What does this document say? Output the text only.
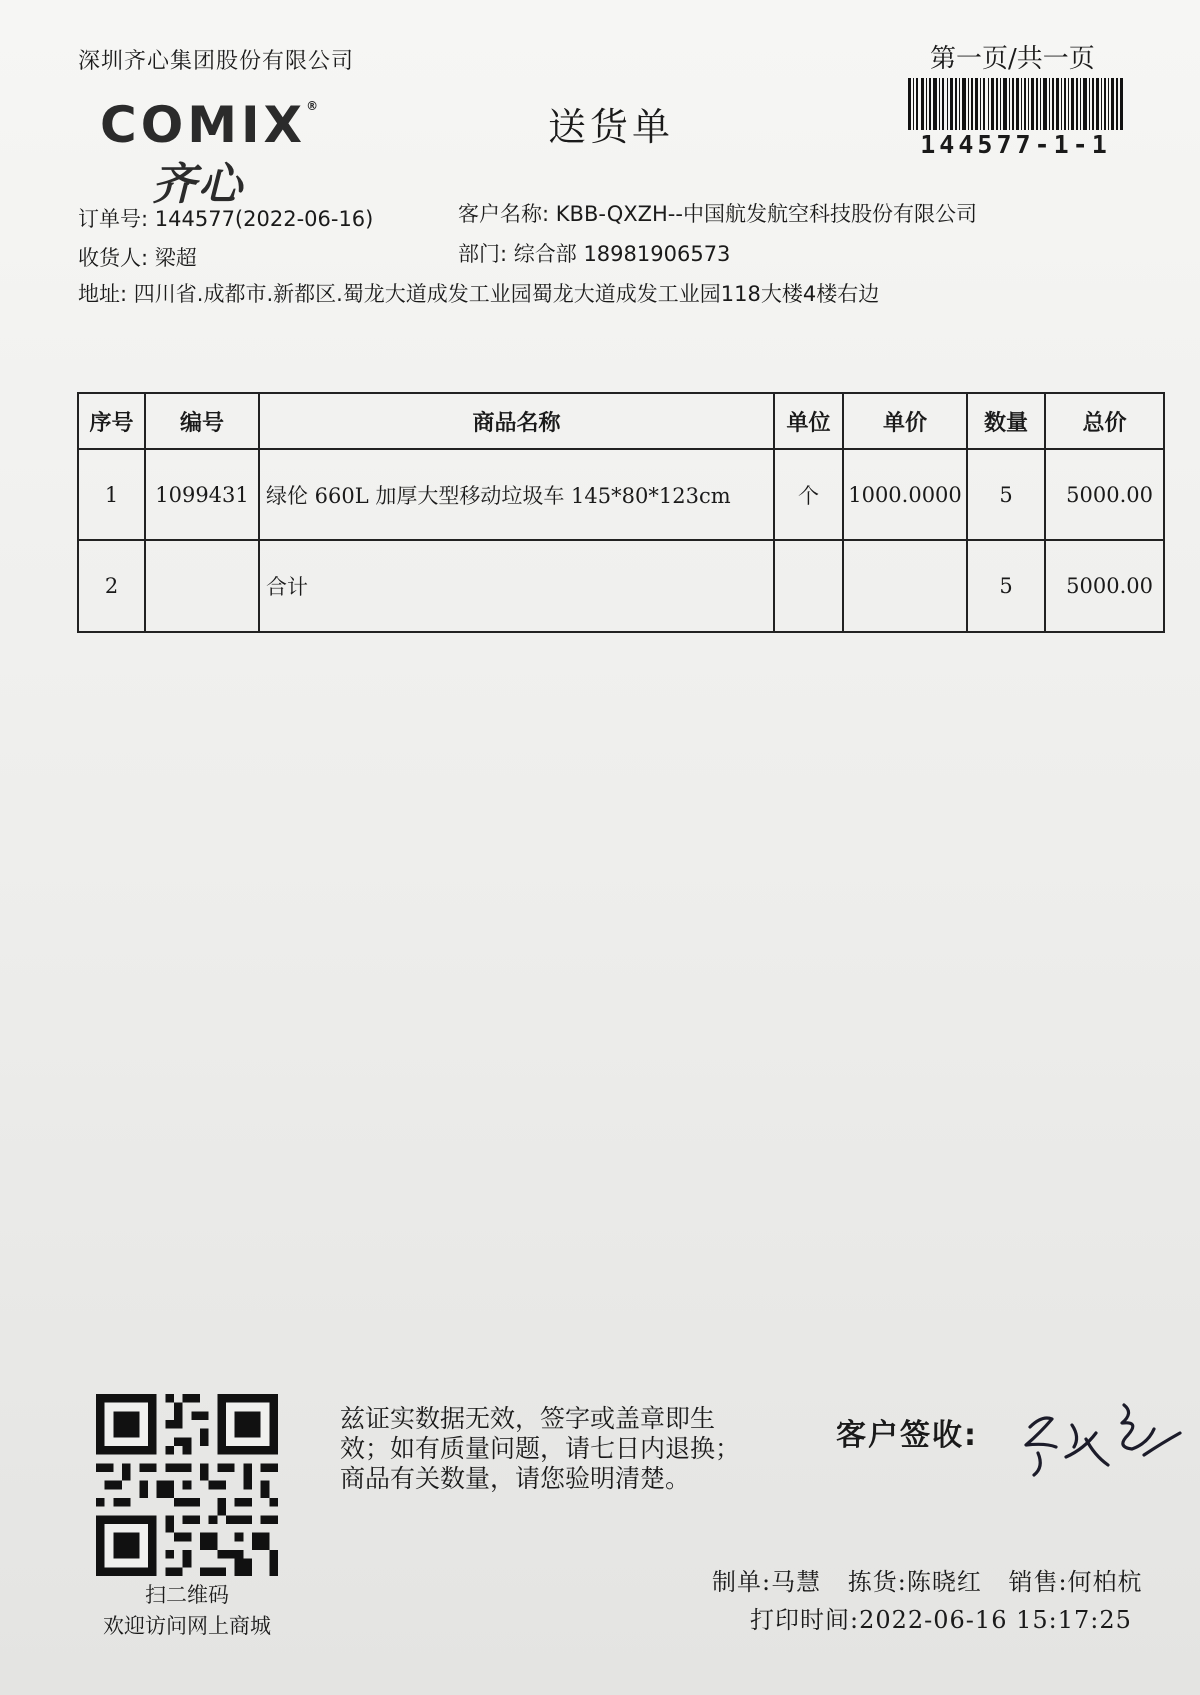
深圳齐心集团股份有限公司	第一页/共一页
COMIX®
齐心
送货单	144577-1-1
订单号: 144577(2022-06-16)	客户名称: KBB-QXZH--中国航发航空科技股份有限公司
收货人: 梁超	部门: 综合部 18981906573
地址: 四川省.成都市.新都区.蜀龙大道成发工业园蜀龙大道成发工业园118大楼4楼右边
序号	编号	商品名称	单位	单价	数量	总价
1	1099431	绿伦 660L 加厚大型移动垃圾车 145*80*123cm	个	1000.0000	5	5000.00
2		合计			5	5000.00
扫二维码
欢迎访问网上商城
兹证实数据无效，签字或盖章即生效；如有质量问题，请七日内退换；商品有关数量，请您验明清楚。
客户签收:
制单:马慧 拣货:陈晓红 销售:何柏杭
打印时间:2022-06-16 15:17:25
